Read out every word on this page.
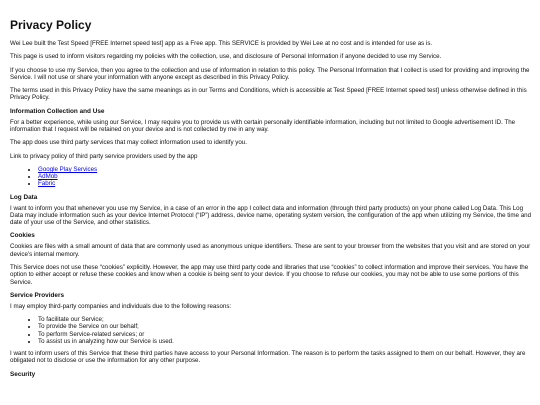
Privacy Policy

Wei Lee built the Test Speed [FREE Internet speed test] app as a Free app. This SERVICE is provided by Wei Lee at no cost and is intended for use as is.

This page is used to inform visitors regarding my policies with the collection, use, and disclosure of Personal Information if anyone decided to use my Service.

If you choose to use my Service, then you agree to the collection and use of information in relation to this policy. The Personal Information that I collect is used for providing and improving the Service. I will not use or share your information with anyone except as described in this Privacy Policy.

The terms used in this Privacy Policy have the same meanings as in our Terms and Conditions, which is accessible at Test Speed [FREE Internet speed test] unless otherwise defined in this Privacy Policy.

Information Collection and Use

For a better experience, while using our Service, I may require you to provide us with certain personally identifiable information, including but not limited to Google advertisement ID. The information that I request will be retained on your device and is not collected by me in any way.

The app does use third party services that may collect information used to identify you.

Link to privacy policy of third party service providers used by the app

• Google Play Services
• AdMob
• Fabric
Log Data

I want to inform you that whenever you use my Service, in a case of an error in the app I collect data and information (through third party products) on your phone called Log Data. This Log Data may include information such as your device Internet Protocol (“IP”) address, device name, operating system version, the configuration of the app when utilizing my Service, the time and date of your use of the Service, and other statistics.

Cookies

Cookies are files with a small amount of data that are commonly used as anonymous unique identifiers. These are sent to your browser from the websites that you visit and are stored on your device's internal memory.

This Service does not use these “cookies” explicitly. However, the app may use third party code and libraries that use “cookies” to collect information and improve their services. You have the option to either accept or refuse these cookies and know when a cookie is being sent to your device. If you choose to refuse our cookies, you may not be able to use some portions of this Service.

Service Providers

I may employ third-party companies and individuals due to the following reasons:

• To facilitate our Service;
• To provide the Service on our behalf;
• To perform Service-related services; or
• To assist us in analyzing how our Service is used.

I want to inform users of this Service that these third parties have access to your Personal Information. The reason is to perform the tasks assigned to them on our behalf. However, they are obligated not to disclose or use the information for any other purpose.

Security
